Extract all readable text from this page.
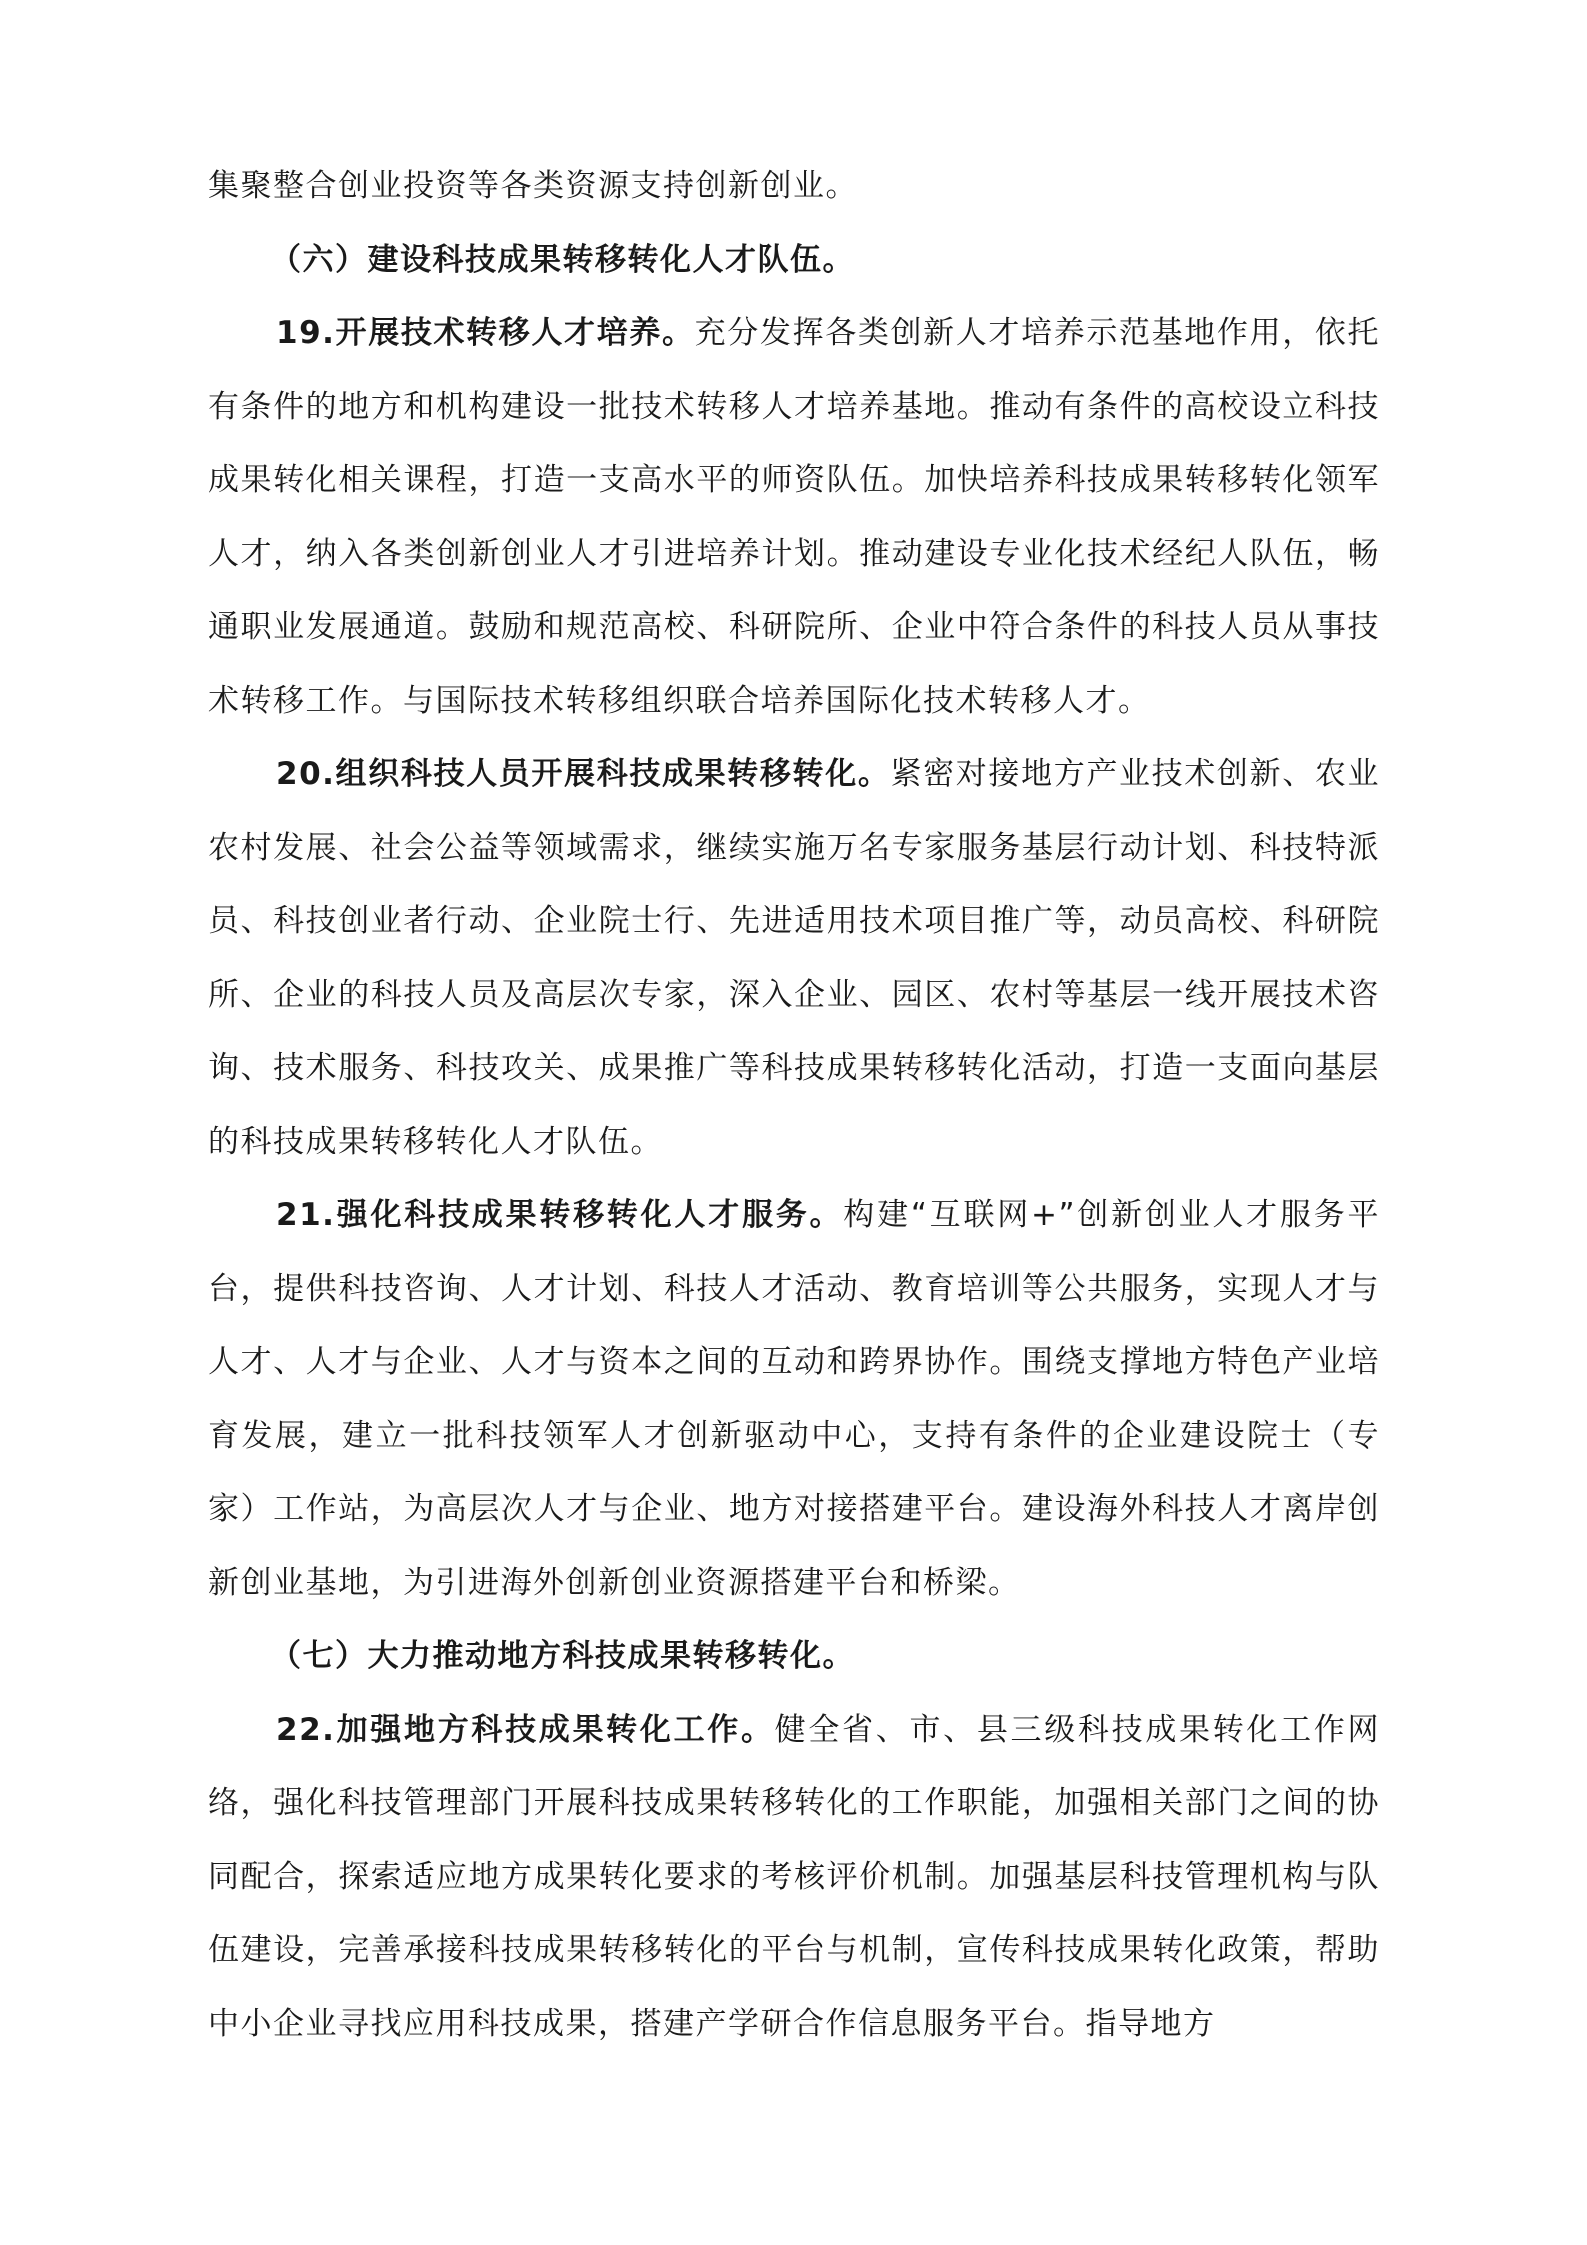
集聚整合创业投资等各类资源支持创新创业。

（六）建设科技成果转移转化人才队伍。

19.开展技术转移人才培养。充分发挥各类创新人才培养示范基地作用，依托有条件的地方和机构建设一批技术转移人才培养基地。推动有条件的高校设立科技成果转化相关课程，打造一支高水平的师资队伍。加快培养科技成果转移转化领军人才，纳入各类创新创业人才引进培养计划。推动建设专业化技术经纪人队伍，畅通职业发展通道。鼓励和规范高校、科研院所、企业中符合条件的科技人员从事技术转移工作。与国际技术转移组织联合培养国际化技术转移人才。

20.组织科技人员开展科技成果转移转化。紧密对接地方产业技术创新、农业农村发展、社会公益等领域需求，继续实施万名专家服务基层行动计划、科技特派员、科技创业者行动、企业院士行、先进适用技术项目推广等，动员高校、科研院所、企业的科技人员及高层次专家，深入企业、园区、农村等基层一线开展技术咨询、技术服务、科技攻关、成果推广等科技成果转移转化活动，打造一支面向基层的科技成果转移转化人才队伍。

21.强化科技成果转移转化人才服务。构建“互联网+”创新创业人才服务平台，提供科技咨询、人才计划、科技人才活动、教育培训等公共服务，实现人才与人才、人才与企业、人才与资本之间的互动和跨界协作。围绕支撑地方特色产业培育发展，建立一批科技领军人才创新驱动中心，支持有条件的企业建设院士（专家）工作站，为高层次人才与企业、地方对接搭建平台。建设海外科技人才离岸创新创业基地，为引进海外创新创业资源搭建平台和桥梁。

（七）大力推动地方科技成果转移转化。

22.加强地方科技成果转化工作。健全省、市、县三级科技成果转化工作网络，强化科技管理部门开展科技成果转移转化的工作职能，加强相关部门之间的协同配合，探索适应地方成果转化要求的考核评价机制。加强基层科技管理机构与队伍建设，完善承接科技成果转移转化的平台与机制，宣传科技成果转化政策，帮助中小企业寻找应用科技成果，搭建产学研合作信息服务平台。指导地方
